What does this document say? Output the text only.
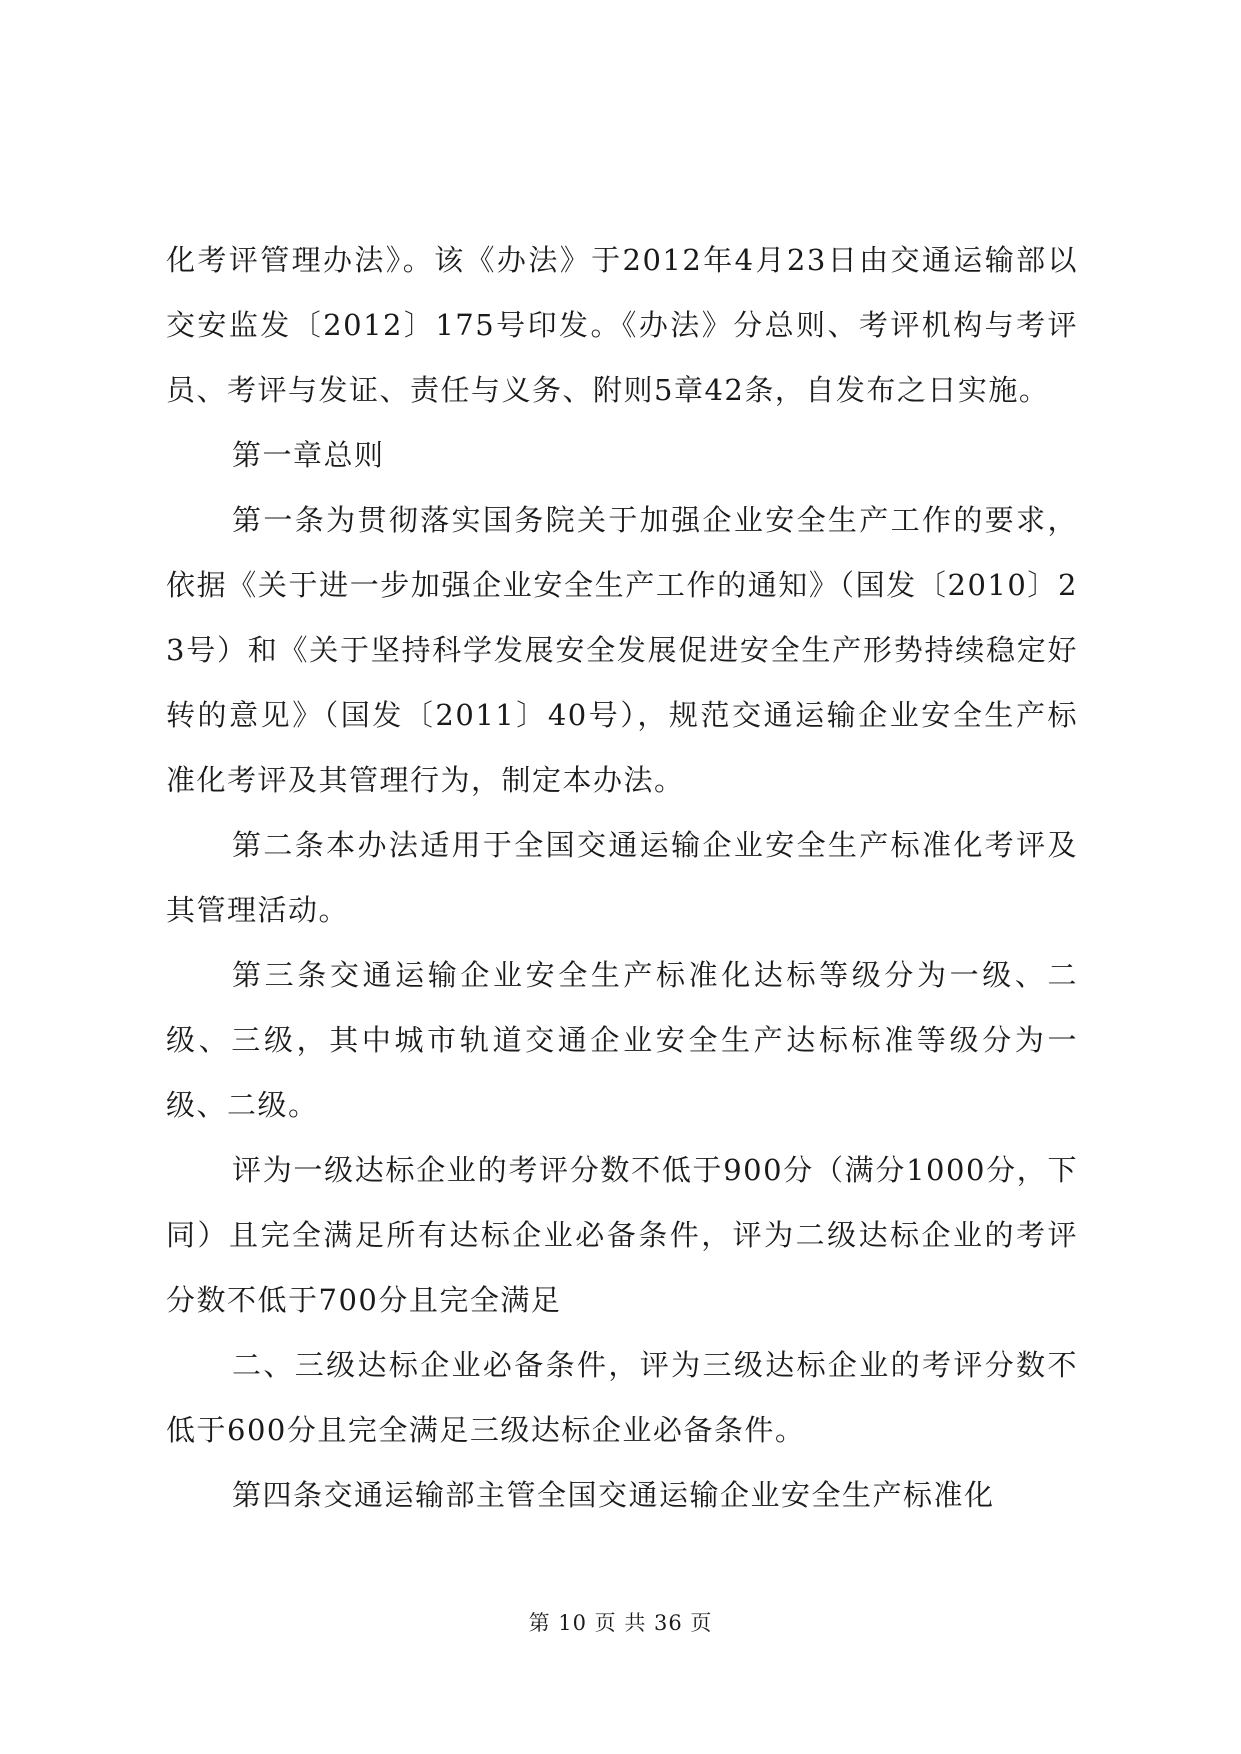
化考评管理办法》。该《办法》于2012年4月23日由交通运输部以交安监发〔2012〕175号印发。《办法》分总则、考评机构与考评员、考评与发证、责任与义务、附则5章42条，自发布之日实施。

第一章总则

第一条为贯彻落实国务院关于加强企业安全生产工作的要求，依据《关于进一步加强企业安全生产工作的通知》（国发〔2010〕23号）和《关于坚持科学发展安全发展促进安全生产形势持续稳定好转的意见》（国发〔2011〕40号），规范交通运输企业安全生产标准化考评及其管理行为，制定本办法。

第二条本办法适用于全国交通运输企业安全生产标准化考评及其管理活动。

第三条交通运输企业安全生产标准化达标等级分为一级、二级、三级，其中城市轨道交通企业安全生产达标标准等级分为一级、二级。

评为一级达标企业的考评分数不低于900分（满分1000分，下同）且完全满足所有达标企业必备条件，评为二级达标企业的考评分数不低于700分且完全满足

二、三级达标企业必备条件，评为三级达标企业的考评分数不低于600分且完全满足三级达标企业必备条件。

第四条交通运输部主管全国交通运输企业安全生产标准化

第 10 页 共 36 页
